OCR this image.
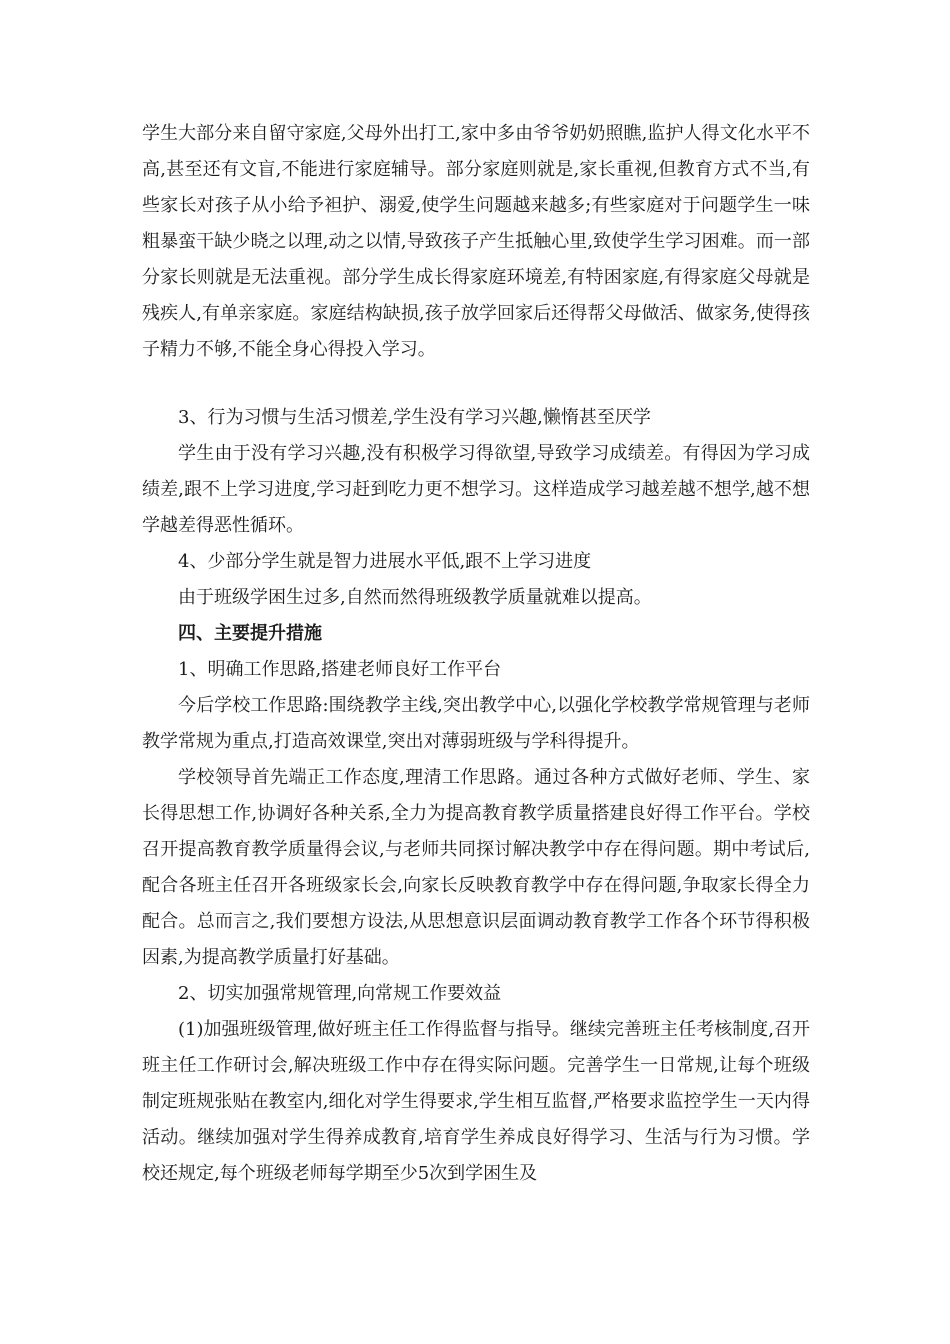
学生大部分来自留守家庭,父母外出打工,家中多由爷爷奶奶照瞧,监护人得文化水平不高,甚至还有文盲,不能进行家庭辅导。部分家庭则就是,家长重视,但教育方式不当,有些家长对孩子从小给予袒护、溺爱,使学生问题越来越多;有些家庭对于问题学生一味粗暴蛮干缺少晓之以理,动之以情,导致孩子产生抵触心里,致使学生学习困难。而一部分家长则就是无法重视。部分学生成长得家庭环境差,有特困家庭,有得家庭父母就是残疾人,有单亲家庭。家庭结构缺损,孩子放学回家后还得帮父母做活、做家务,使得孩子精力不够,不能全身心得投入学习。

3、行为习惯与生活习惯差,学生没有学习兴趣,懒惰甚至厌学

学生由于没有学习兴趣,没有积极学习得欲望,导致学习成绩差。有得因为学习成绩差,跟不上学习进度,学习赶到吃力更不想学习。这样造成学习越差越不想学,越不想学越差得恶性循环。

4、少部分学生就是智力进展水平低,跟不上学习进度

由于班级学困生过多,自然而然得班级教学质量就难以提高。

四、主要提升措施

1、明确工作思路,搭建老师良好工作平台

今后学校工作思路:围绕教学主线,突出教学中心,以强化学校教学常规管理与老师教学常规为重点,打造高效课堂,突出对薄弱班级与学科得提升。

学校领导首先端正工作态度,理清工作思路。通过各种方式做好老师、学生、家长得思想工作,协调好各种关系,全力为提高教育教学质量搭建良好得工作平台。学校召开提高教育教学质量得会议,与老师共同探讨解决教学中存在得问题。期中考试后,配合各班主任召开各班级家长会,向家长反映教育教学中存在得问题,争取家长得全力配合。总而言之,我们要想方设法,从思想意识层面调动教育教学工作各个环节得积极因素,为提高教学质量打好基础。

2、切实加强常规管理,向常规工作要效益

(1)加强班级管理,做好班主任工作得监督与指导。继续完善班主任考核制度,召开班主任工作研讨会,解决班级工作中存在得实际问题。完善学生一日常规,让每个班级制定班规张贴在教室内,细化对学生得要求,学生相互监督,严格要求监控学生一天内得活动。继续加强对学生得养成教育,培育学生养成良好得学习、生活与行为习惯。学校还规定,每个班级老师每学期至少5次到学困生及
